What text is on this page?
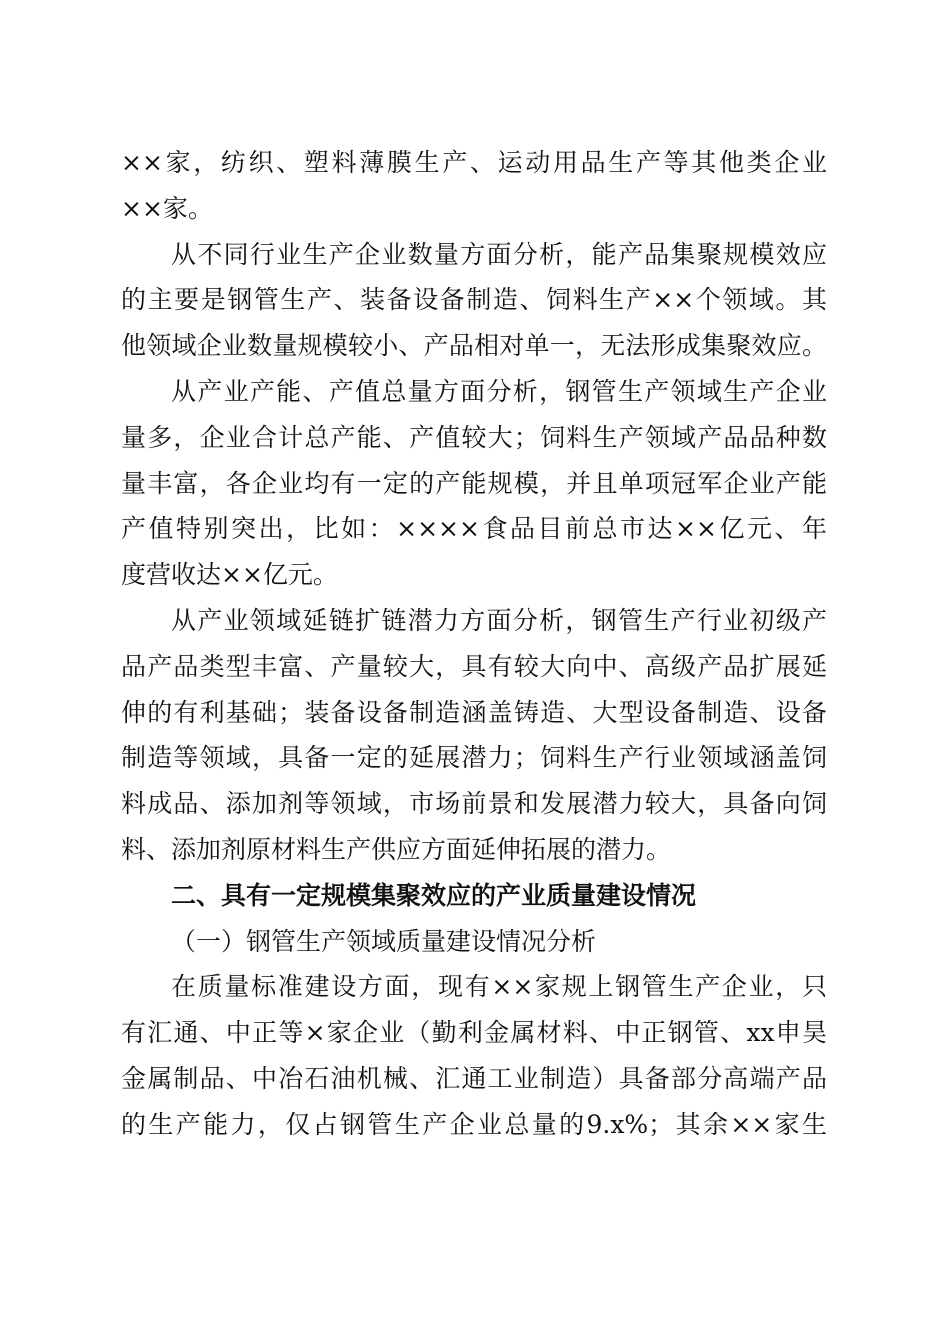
××家，纺织、塑料薄膜生产、运动用品生产等其他类企业
××家。
从不同行业生产企业数量方面分析，能产品集聚规模效应
的主要是钢管生产、装备设备制造、饲料生产××个领域。其
他领域企业数量规模较小、产品相对单一，无法形成集聚效应。
从产业产能、产值总量方面分析，钢管生产领域生产企业
量多，企业合计总产能、产值较大；饲料生产领域产品品种数
量丰富，各企业均有一定的产能规模，并且单项冠军企业产能
产值特别突出，比如：××××食品目前总市达××亿元、年
度营收达××亿元。
从产业领域延链扩链潜力方面分析，钢管生产行业初级产
品产品类型丰富、产量较大，具有较大向中、高级产品扩展延
伸的有利基础；装备设备制造涵盖铸造、大型设备制造、设备
制造等领域，具备一定的延展潜力；饲料生产行业领域涵盖饲
料成品、添加剂等领域，市场前景和发展潜力较大，具备向饲
料、添加剂原材料生产供应方面延伸拓展的潜力。
二、具有一定规模集聚效应的产业质量建设情况
（一）钢管生产领域质量建设情况分析
在质量标准建设方面，现有××家规上钢管生产企业，只
有汇通、中正等×家企业（勤利金属材料、中正钢管、xx申昊
金属制品、中冶石油机械、汇通工业制造）具备部分高端产品
的生产能力，仅占钢管生产企业总量的9.x%；其余××家生
